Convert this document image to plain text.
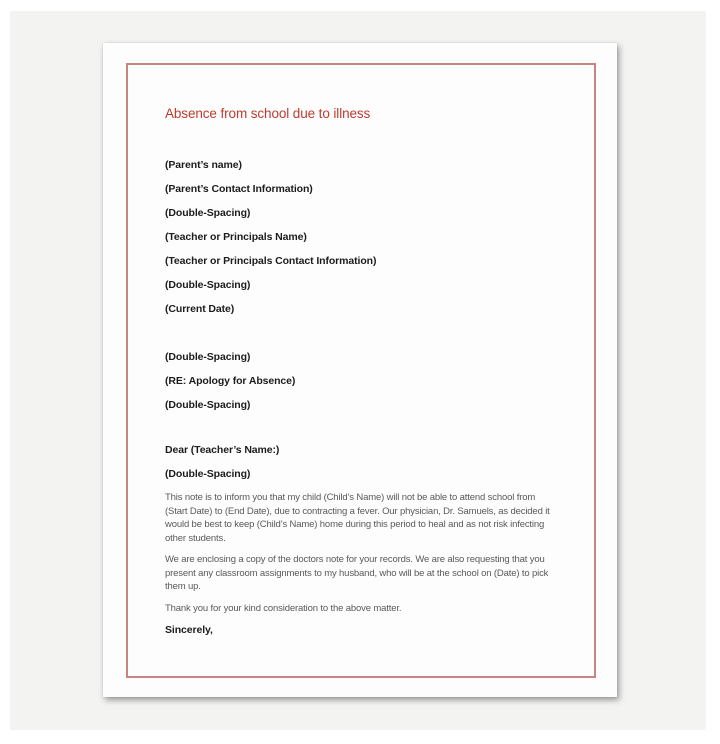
Absence from school due to illness
(Parent’s name)
(Parent’s Contact Information)
(Double-Spacing)
(Teacher or Principals Name)
(Teacher or Principals Contact Information)
(Double-Spacing)
(Current Date)
(Double-Spacing)
(RE: Apology for Absence)
(Double-Spacing)
Dear (Teacher’s Name:)
(Double-Spacing)
This note is to inform you that my child (Child’s Name) will not be able to attend school from (Start Date) to (End Date), due to contracting a fever. Our physician, Dr. Samuels, as decided it would be best to keep (Child’s Name) home during this period to heal and as not risk infecting other students.
We are enclosing a copy of the doctors note for your records. We are also requesting that you present any classroom assignments to my husband, who will be at the school on (Date) to pick them up.
Thank you for your kind consideration to the above matter.
Sincerely,
